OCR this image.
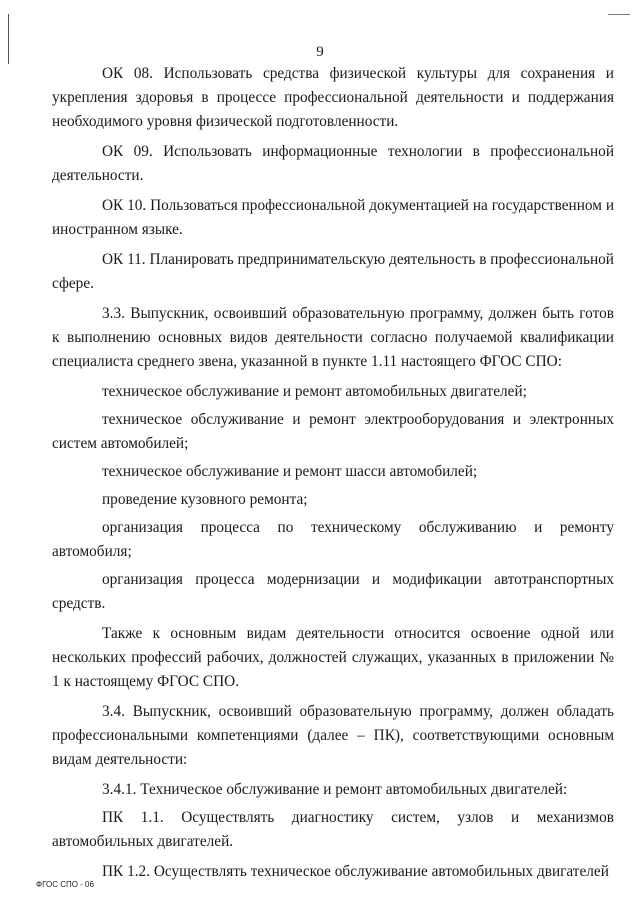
9

ОК 08. Использовать средства физической культуры для сохранения и укрепления здоровья в процессе профессиональной деятельности и поддержания необходимого уровня физической подготовленности.

ОК 09. Использовать информационные технологии в профессиональной деятельности.

ОК 10. Пользоваться профессиональной документацией на государственном и иностранном языке.

ОК 11. Планировать предпринимательскую деятельность в профессиональной сфере.

3.3. Выпускник, освоивший образовательную программу, должен быть готов к выполнению основных видов деятельности согласно получаемой квалификации специалиста среднего звена, указанной в пункте 1.11 настоящего ФГОС СПО:

техническое обслуживание и ремонт автомобильных двигателей;

техническое обслуживание и ремонт электрооборудования и электронных систем автомобилей;

техническое обслуживание и ремонт шасси автомобилей;

проведение кузовного ремонта;

организация процесса по техническому обслуживанию и ремонту автомобиля;

организация процесса модернизации и модификации автотранспортных средств.

Также к основным видам деятельности относится освоение одной или нескольких профессий рабочих, должностей служащих, указанных в приложении № 1 к настоящему ФГОС СПО.

3.4. Выпускник, освоивший образовательную программу, должен обладать профессиональными компетенциями (далее – ПК), соответствующими основным видам деятельности:

3.4.1. Техническое обслуживание и ремонт автомобильных двигателей:

ПК 1.1. Осуществлять диагностику систем, узлов и механизмов автомобильных двигателей.

ПК 1.2. Осуществлять техническое обслуживание автомобильных двигателей

ФГОС СПО - 06
